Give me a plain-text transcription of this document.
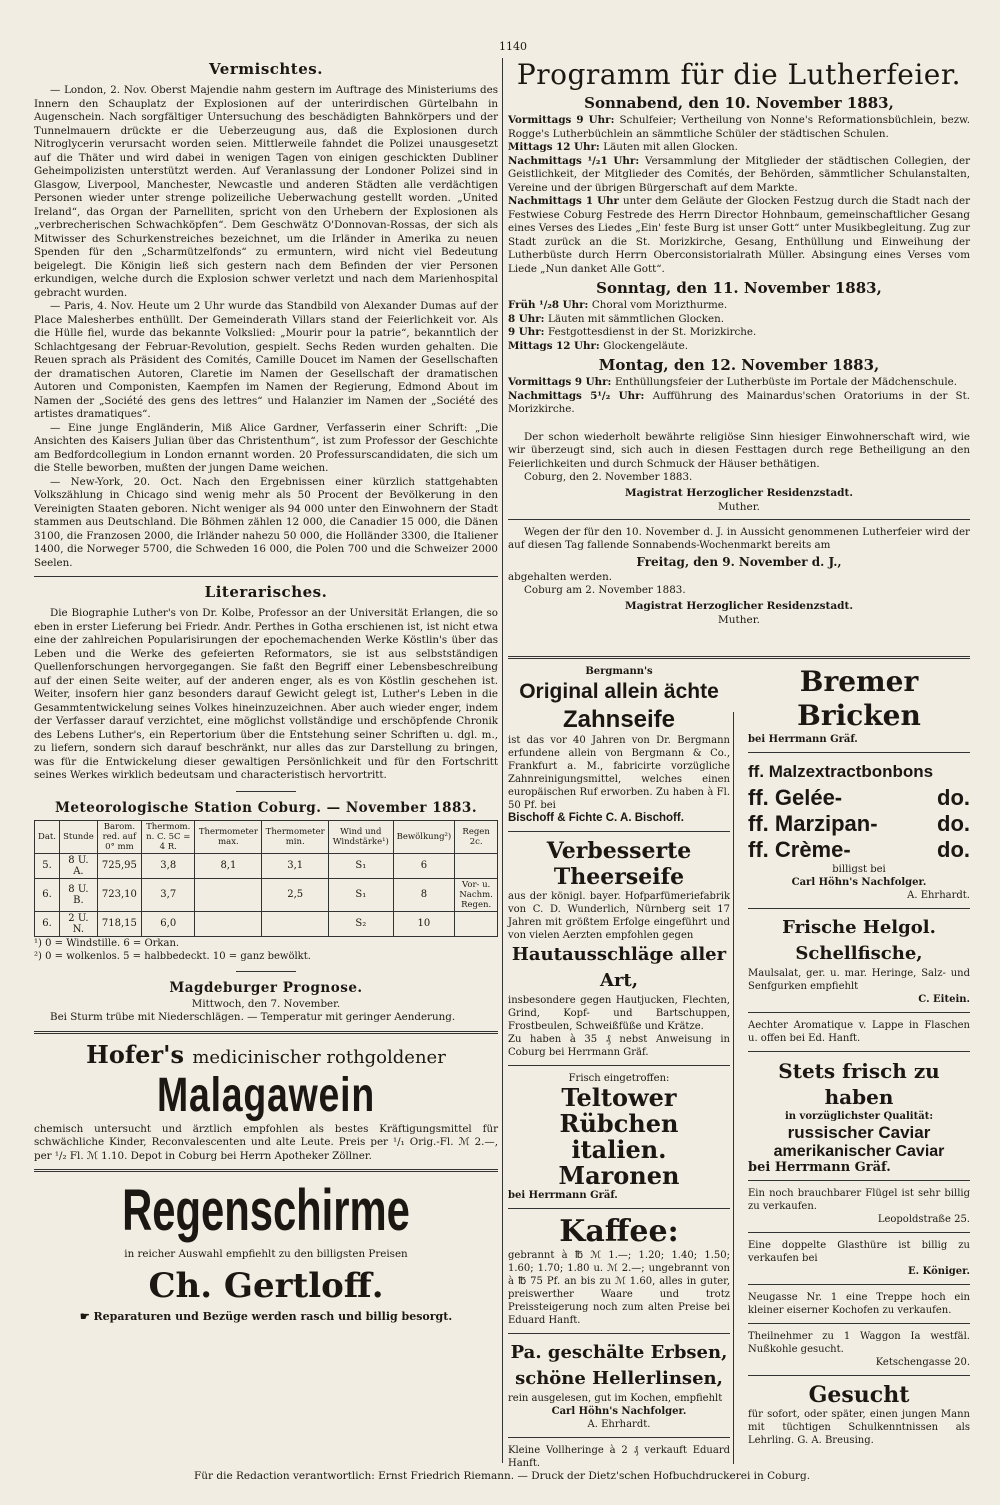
1140
Vermischtes.

— London, 2. Nov. Oberst Majendie nahm gestern im Auftrage des Ministeriums des Innern den Schauplatz der Explosionen auf der unterirdischen Gürtelbahn in Augenschein. Nach sorgfältiger Untersuchung des beschädigten Bahnkörpers und der Tunnelmauern drückte er die Ueberzeugung aus, daß die Explosionen durch Nitroglycerin verursacht worden seien. Mittlerweile fahndet die Polizei unausgesetzt auf die Thäter und wird dabei in wenigen Tagen von einigen geschickten Dubliner Geheimpolizisten unterstützt werden. Auf Veranlassung der Londoner Polizei sind in Glasgow, Liverpool, Manchester, Newcastle und anderen Städten alle verdächtigen Personen wieder unter strenge polizeiliche Ueberwachung gestellt worden. „United Ireland“, das Organ der Parnelliten, spricht von den Urhebern der Explosionen als „verbrecherischen Schwachköpfen“. Dem Geschwätz O'Donnovan-Rossas, der sich als Mitwisser des Schurkenstreiches bezeichnet, um die Irländer in Amerika zu neuen Spenden für den „Scharmützelfonds“ zu ermuntern, wird nicht viel Bedeutung beigelegt. Die Königin ließ sich gestern nach dem Befinden der vier Personen erkundigen, welche durch die Explosion schwer verletzt und nach dem Marienhospital gebracht wurden.

— Paris, 4. Nov. Heute um 2 Uhr wurde das Standbild von Alexander Dumas auf der Place Malesherbes enthüllt. Der Gemeinderath Villars stand der Feierlichkeit vor. Als die Hülle fiel, wurde das bekannte Volkslied: „Mourir pour la patrie“, bekanntlich der Schlachtgesang der Februar-Revolution, gespielt. Sechs Reden wurden gehalten. Die Reuen sprach als Präsident des Comités, Camille Doucet im Namen der Gesellschaften der dramatischen Autoren, Claretie im Namen der Gesellschaft der dramatischen Autoren und Componisten, Kaempfen im Namen der Regierung, Edmond About im Namen der „Société des gens des lettres“ und Halanzier im Namen der „Société des artistes dramatiques“.

— Eine junge Engländerin, Miß Alice Gardner, Verfasserin einer Schrift: „Die Ansichten des Kaisers Julian über das Christenthum“, ist zum Professor der Geschichte am Bedfordcollegium in London ernannt worden. 20 Professurscandidaten, die sich um die Stelle beworben, mußten der jungen Dame weichen.

— New-York, 20. Oct. Nach den Ergebnissen einer kürzlich stattgehabten Volkszählung in Chicago sind wenig mehr als 50 Procent der Bevölkerung in den Vereinigten Staaten geboren. Nicht weniger als 94 000 unter den Einwohnern der Stadt stammen aus Deutschland. Die Böhmen zählen 12 000, die Canadier 15 000, die Dänen 3100, die Franzosen 2000, die Irländer nahezu 50 000, die Holländer 3300, die Italiener 1400, die Norweger 5700, die Schweden 16 000, die Polen 700 und die Schweizer 2000 Seelen.

Literarisches.

Die Biographie Luther's von Dr. Kolbe, Professor an der Universität Erlangen, die so eben in erster Lieferung bei Friedr. Andr. Perthes in Gotha erschienen ist, ist nicht etwa eine der zahlreichen Popularisirungen der epochemachenden Werke Köstlin's über das Leben und die Werke des gefeierten Reformators, sie ist aus selbstständigen Quellenforschungen hervorgegangen. Sie faßt den Begriff einer Lebensbeschreibung auf der einen Seite weiter, auf der anderen enger, als es von Köstlin geschehen ist. Weiter, insofern hier ganz besonders darauf Gewicht gelegt ist, Luther's Leben in die Gesammtentwickelung seines Volkes hineinzuzeichnen. Aber auch wieder enger, indem der Verfasser darauf verzichtet, eine möglichst vollständige und erschöpfende Chronik des Lebens Luther's, ein Repertorium über die Entstehung seiner Schriften u. dgl. m., zu liefern, sondern sich darauf beschränkt, nur alles das zur Darstellung zu bringen, was für die Entwickelung dieser gewaltigen Persönlichkeit und für den Fortschritt seines Werkes wirklich bedeutsam und characteristisch hervortritt.

Meteorologische Station Coburg. — November 1883.
Dat.	Stunde	Barom. red. auf 0° mm	Thermom. n. C. 5C = 4 R.	Thermometer max.	Thermometer min.	Wind und Windstärke¹)	Bewölkung²)	Regen 2c.
5.	8 U. A.	725,95	3,8	8,1	3,1	S₁	6	
6.	8 U. B.	723,10	3,7		2,5	S₁	8	Vor- u. Nachm. Regen.
6.	2 U. N.	718,15	6,0			S₂	10	

¹) 0 = Windstille. 6 = Orkan.

²) 0 = wolkenlos. 5 = halbbedeckt. 10 = ganz bewölkt.

Magdeburger Prognose.

Mittwoch, den 7. November.

Bei Sturm trübe mit Niederschlägen. — Temperatur mit geringer Aenderung.

Hofer's medicinischer rothgoldener
Malagawein

chemisch untersucht und ärztlich empfohlen als bestes Kräftigungsmittel für schwächliche Kinder, Reconvalescenten und alte Leute. Preis per ¹/₁ Orig.-Fl. ℳ 2.—, per ¹/₂ Fl. ℳ 1.10. Depot in Coburg bei Herrn Apotheker Zöllner.

Regenschirme

in reicher Auswahl empfiehlt zu den billigsten Preisen

Ch. Gertloff.

☛ Reparaturen und Bezüge werden rasch und billig besorgt.

Programm für die Lutherfeier.
Sonnabend, den 10. November 1883,

Vormittags 9 Uhr: Schulfeier; Vertheilung von Nonne's Reformationsbüchlein, bezw. Rogge's Lutherbüchlein an sämmtliche Schüler der städtischen Schulen.

Mittags 12 Uhr: Läuten mit allen Glocken.

Nachmittags ¹/₂1 Uhr: Versammlung der Mitglieder der städtischen Collegien, der Geistlichkeit, der Mitglieder des Comités, der Behörden, sämmtlicher Schulanstalten, Vereine und der übrigen Bürgerschaft auf dem Markte.

Nachmittags 1 Uhr unter dem Geläute der Glocken Festzug durch die Stadt nach der Festwiese Coburg Festrede des Herrn Director Hohnbaum, gemeinschaftlicher Gesang eines Verses des Liedes „Ein' feste Burg ist unser Gott“ unter Musikbegleitung. Zug zur Stadt zurück an die St. Morizkirche, Gesang, Enthüllung und Einweihung der Lutherbüste durch Herrn Oberconsistorialrath Müller. Absingung eines Verses vom Liede „Nun danket Alle Gott“.

Sonntag, den 11. November 1883,

Früh ¹/₂8 Uhr: Choral vom Morizthurme.

8 Uhr: Läuten mit sämmtlichen Glocken.

9 Uhr: Festgottesdienst in der St. Morizkirche.

Mittags 12 Uhr: Glockengeläute.

Montag, den 12. November 1883,

Vormittags 9 Uhr: Enthüllungsfeier der Lutherbüste im Portale der Mädchenschule.

Nachmittags 5¹/₂ Uhr: Aufführung des Mainardus'schen Oratoriums in der St. Morizkirche.

Der schon wiederholt bewährte religiöse Sinn hiesiger Einwohnerschaft wird, wie wir überzeugt sind, sich auch in diesen Festtagen durch rege Betheiligung an den Feierlichkeiten und durch Schmuck der Häuser bethätigen.

Coburg, den 2. November 1883.

Magistrat Herzoglicher Residenzstadt.
Muther.

Wegen der für den 10. November d. J. in Aussicht genommenen Lutherfeier wird der auf diesen Tag fallende Sonnabends-Wochenmarkt bereits am

Freitag, den 9. November d. J.,

abgehalten werden.

Coburg am 2. November 1883.

Magistrat Herzoglicher Residenzstadt.
Muther.
Bergmann's
Original allein ächte
Zahnseife

ist das vor 40 Jahren von Dr. Bergmann erfundene allein von Bergmann & Co., Frankfurt a. M., fabricirte vorzügliche Zahnreinigungsmittel, welches einen europäischen Ruf erworben. Zu haben à Fl. 50 Pf. bei

Bischoff & Fichte C. A. Bischoff.

Verbesserte Theerseife

aus der königl. bayer. Hofparfümeriefabrik von C. D. Wunderlich, Nürnberg seit 17 Jahren mit größtem Erfolge eingeführt und von vielen Aerzten empfohlen gegen

Hautausschläge aller Art,

insbesondere gegen Hautjucken, Flechten, Grind, Kopf- und Bartschuppen, Frostbeulen, Schweißfüße und Krätze.

Zu haben à 35 ₰ nebst Anweisung in Coburg bei Herrmann Gräf.

Frisch eingetroffen:

Teltower Rübchen
italien. Maronen

bei Herrmann Gräf.

Kaffee:

gebrannt à ℔ ℳ 1.—; 1.20; 1.40; 1.50; 1.60; 1.70; 1.80 u. ℳ 2.—; ungebrannt von à ℔ 75 Pf. an bis zu ℳ 1.60, alles in guter, preiswerther Waare und trotz Preissteigerung noch zum alten Preise bei Eduard Hanft.

Pa. geschälte Erbsen, schöne Hellerlinsen,

rein ausgelesen, gut im Kochen, empfiehlt

Carl Höhn's Nachfolger.

A. Ehrhardt.

Kleine Vollheringe à 2 ₰ verkauft Eduard Hanft.

Bremer Bricken

bei Herrmann Gräf.

ff. Malzextractbonbons
ff. Gelée-	do.
ff. Marzipan-	do.
ff. Crème-	do.

billigst bei

Carl Höhn's Nachfolger.

A. Ehrhardt.

Frische Helgol. Schellfische,

Maulsalat, ger. u. mar. Heringe, Salz- und Senfgurken empfiehlt

C. Eitein.

Aechter Aromatique v. Lappe in Flaschen u. offen bei Ed. Hanft.

Stets frisch zu haben

in vorzüglichster Qualität:

russischer Caviar
amerikanischer Caviar

bei Herrmann Gräf.

Ein noch brauchbarer Flügel ist sehr billig zu verkaufen.

Leopoldstraße 25.

Eine doppelte Glasthüre ist billig zu verkaufen bei

E. Königer.

Neugasse Nr. 1 eine Treppe hoch ein kleiner eiserner Kochofen zu verkaufen.

Theilnehmer zu 1 Waggon Ia westfäl. Nußkohle gesucht.

Ketschengasse 20.

Gesucht

für sofort, oder später, einen jungen Mann mit tüchtigen Schulkenntnissen als Lehrling. G. A. Breusing.

Für die Redaction verantwortlich: Ernst Friedrich Riemann. — Druck der Dietz'schen Hofbuchdruckerei in Coburg.
